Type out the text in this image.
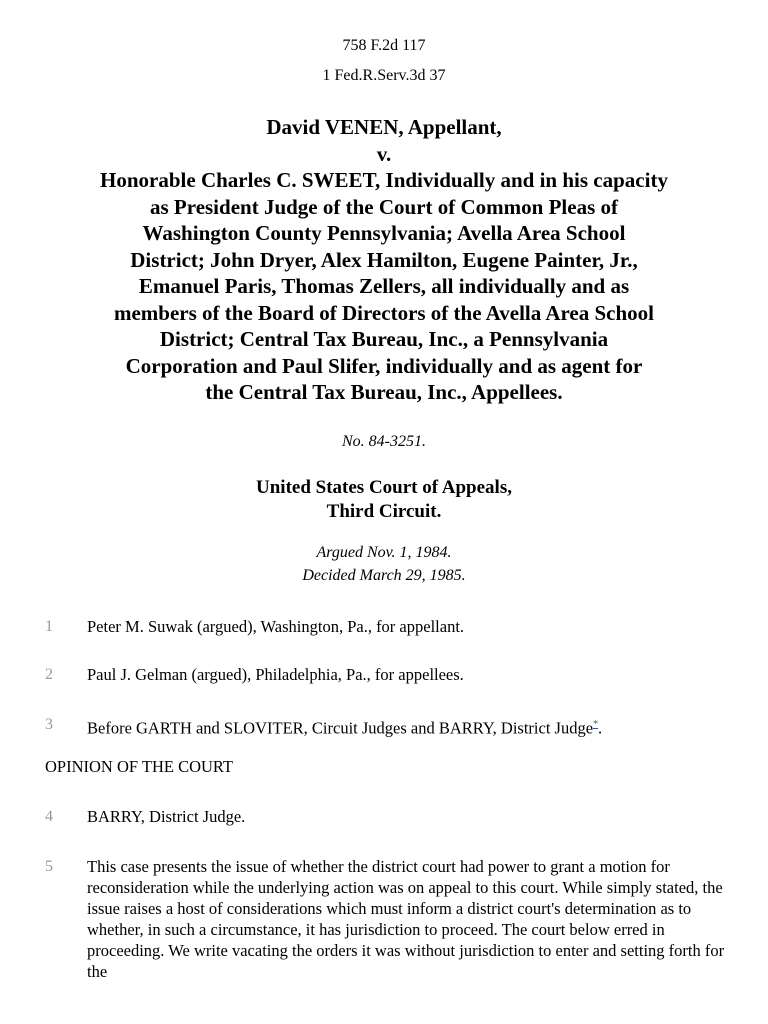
758 F.2d 117
1 Fed.R.Serv.3d 37
David VENEN, Appellant,
v.
Honorable Charles C. SWEET, Individually and in his capacity
as President Judge of the Court of Common Pleas of
Washington County Pennsylvania; Avella Area School
District; John Dryer, Alex Hamilton, Eugene Painter, Jr.,
Emanuel Paris, Thomas Zellers, all individually and as
members of the Board of Directors of the Avella Area School
District; Central Tax Bureau, Inc., a Pennsylvania
Corporation and Paul Slifer, individually and as agent for
the Central Tax Bureau, Inc., Appellees.
No. 84-3251.
United States Court of Appeals,
Third Circuit.
Argued Nov. 1, 1984.
Decided March 29, 1985.
1	Peter M. Suwak (argued), Washington, Pa., for appellant.
2	Paul J. Gelman (argued), Philadelphia, Pa., for appellees.
3	Before GARTH and SLOVITER, Circuit Judges and BARRY, District Judge*.
OPINION OF THE COURT
4	BARRY, District Judge.
5	This case presents the issue of whether the district court had power to grant a motion for reconsideration while the underlying action was on appeal to this court. While simply stated, the issue raises a host of considerations which must inform a district court's determination as to whether, in such a circumstance, it has jurisdiction to proceed. The court below erred in proceeding. We write vacating the orders it was without jurisdiction to enter and setting forth for the
